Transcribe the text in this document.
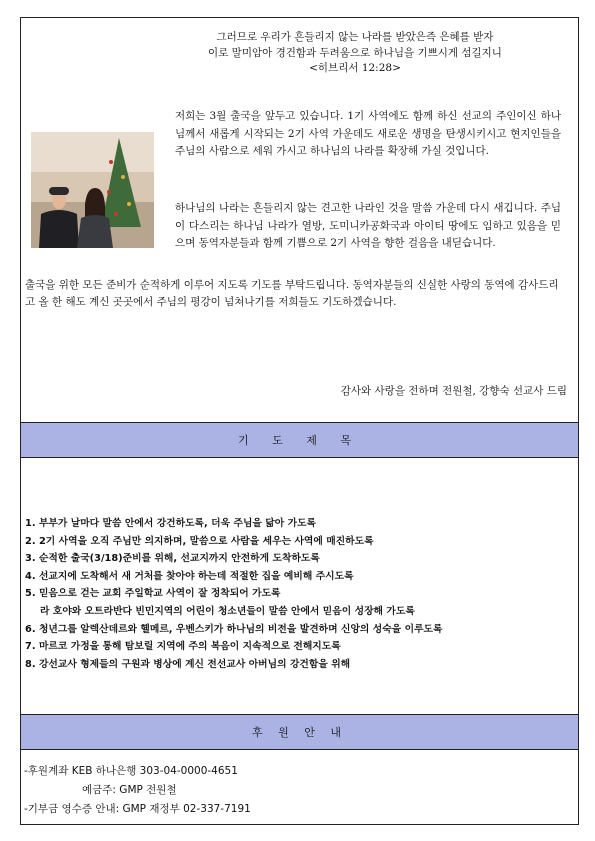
그러므로 우리가 흔들리지 않는 나라를 받았은즉 은혜를 받자
이로 말미암아 경건함과 두려움으로 하나님을 기쁘시게 섬길지니
<히브리서 12:28>

저희는 3월 출국을 앞두고 있습니다. 1기 사역에도 함께 하신 선교의 주인이신 하나님께서 새롭게 시작되는 2기 사역 가운데도 새로운 생명을 탄생시키시고 현지인들을 주님의 사람으로 세워 가시고 하나님의 나라를 확장해 가실 것입니다.

하나님의 나라는 흔들리지 않는 견고한 나라인 것을 말씀 가운데 다시 새깁니다. 주님이 다스리는 하나님 나라가 열방, 도미니카공화국과 아이티 땅에도 임하고 있음을 믿으며 동역자분들과 함께 기쁨으로 2기 사역을 향한 걸음을 내딛습니다.

출국을 위한 모든 준비가 순적하게 이루어 지도록 기도를 부탁드립니다. 동역자분들의 신실한 사랑의 동역에 감사드리고 올 한 해도 계신 곳곳에서 주님의 평강이 넘쳐나기를 저희들도 기도하겠습니다.

감사와 사랑을 전하며 전원철, 강향숙 선교사 드림
기 도 제 목
1. 부부가 날마다 말씀 안에서 강건하도록, 더욱 주님을 닮아 가도록
2. 2기 사역을 오직 주님만 의지하며, 말씀으로 사람을 세우는 사역에 매진하도록
3. 순적한 출국(3/18)준비를 위해, 선교지까지 안전하게 도착하도록
4. 선교지에 도착해서 새 거처를 찾아야 하는데 적절한 집을 예비해 주시도록
5. 믿음으로 걷는 교회 주일학교 사역이 잘 정착되어 가도록
라 호야와 오트라반다 빈민지역의 어린이 청소년들이 말씀 안에서 믿음이 성장해 가도록
6. 청년그룹 알렉산데르와 헬메르, 우벤스키가 하나님의 비전을 발견하며 신앙의 성숙을 이루도록
7. 마르코 가정을 통해 탐보릴 지역에 주의 복음이 지속적으로 전해지도록
8. 강선교사 형제들의 구원과 병상에 계신 전선교사 아버님의 강건함을 위해
후 원 안 내
-후원계좌 KEB 하나은행 303-04-0000-4651
예금주: GMP 전원철
-기부금 영수증 안내: GMP 재정부 02-337-7191
